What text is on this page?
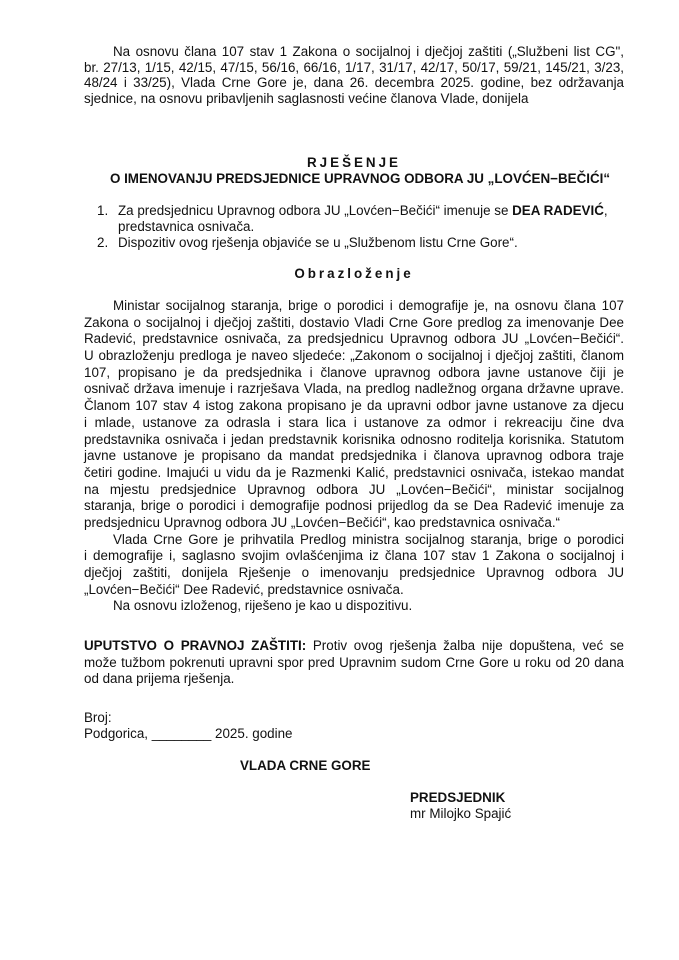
Na osnovu člana 107 stav 1 Zakona o socijalnoj i dječjoj zaštiti („Službeni list CG",
br. 27/13, 1/15, 42/15, 47/15, 56/16, 66/16, 1/17, 31/17, 42/17, 50/17, 59/21, 145/21, 3/23,
48/24 i 33/25), Vlada Crne Gore je, dana 26. decembra 2025. godine, bez održavanja
sjednice, na osnovu pribavljenih saglasnosti većine članova Vlade, donijela
RJEŠENJE
O IMENOVANJU PREDSJEDNICE UPRAVNOG ODBORA JU „LOVĆEN−BEČIĆI“
1. Za predsjednicu Upravnog odbora JU „Lovćen−Bečići“ imenuje se DEA RADEVIĆ,
predstavnica osnivača.
2. Dispozitiv ovog rješenja objaviće se u „Službenom listu Crne Gore“.
Obrazloženje
Ministar socijalnog staranja, brige o porodici i demografije je, na osnovu člana 107
Zakona o socijalnoj i dječjoj zaštiti, dostavio Vladi Crne Gore predlog za imenovanje Dee
Radević, predstavnice osnivača, za predsjednicu Upravnog odbora JU „Lovćen−Bečići“.
U obrazloženju predloga je naveo sljedeće: „Zakonom o socijalnoj i dječjoj zaštiti, članom
107, propisano je da predsjednika i članove upravnog odbora javne ustanove čiji je
osnivač država imenuje i razrješava Vlada, na predlog nadležnog organa državne uprave.
Članom 107 stav 4 istog zakona propisano je da upravni odbor javne ustanove za djecu
i mlade, ustanove za odrasla i stara lica i ustanove za odmor i rekreaciju čine dva
predstavnika osnivača i jedan predstavnik korisnika odnosno roditelja korisnika. Statutom
javne ustanove je propisano da mandat predsjednika i članova upravnog odbora traje
četiri godine. Imajući u vidu da je Razmenki Kalić, predstavnici osnivača, istekao mandat
na mjestu predsjednice Upravnog odbora JU „Lovćen−Bečići“, ministar socijalnog
staranja, brige o porodici i demografije podnosi prijedlog da se Dea Radević imenuje za
predsjednicu Upravnog odbora JU „Lovćen−Bečići“, kao predstavnica osnivača.“
Vlada Crne Gore je prihvatila Predlog ministra socijalnog staranja, brige o porodici
i demografije i, saglasno svojim ovlašćenjima iz člana 107 stav 1 Zakona o socijalnoj i
dječjoj zaštiti, donijela Rješenje o imenovanju predsjednice Upravnog odbora JU
„Lovćen−Bečići“ Dee Radević, predstavnice osnivača.
Na osnovu izloženog, riješeno je kao u dispozitivu.
UPUTSTVO O PRAVNOJ ZAŠTITI: Protiv ovog rješenja žalba nije dopuštena, već se
može tužbom pokrenuti upravni spor pred Upravnim sudom Crne Gore u roku od 20 dana
od dana prijema rješenja.
Broj:
Podgorica, ________ 2025. godine
VLADA CRNE GORE
PREDSJEDNIK
mr Milojko Spajić
